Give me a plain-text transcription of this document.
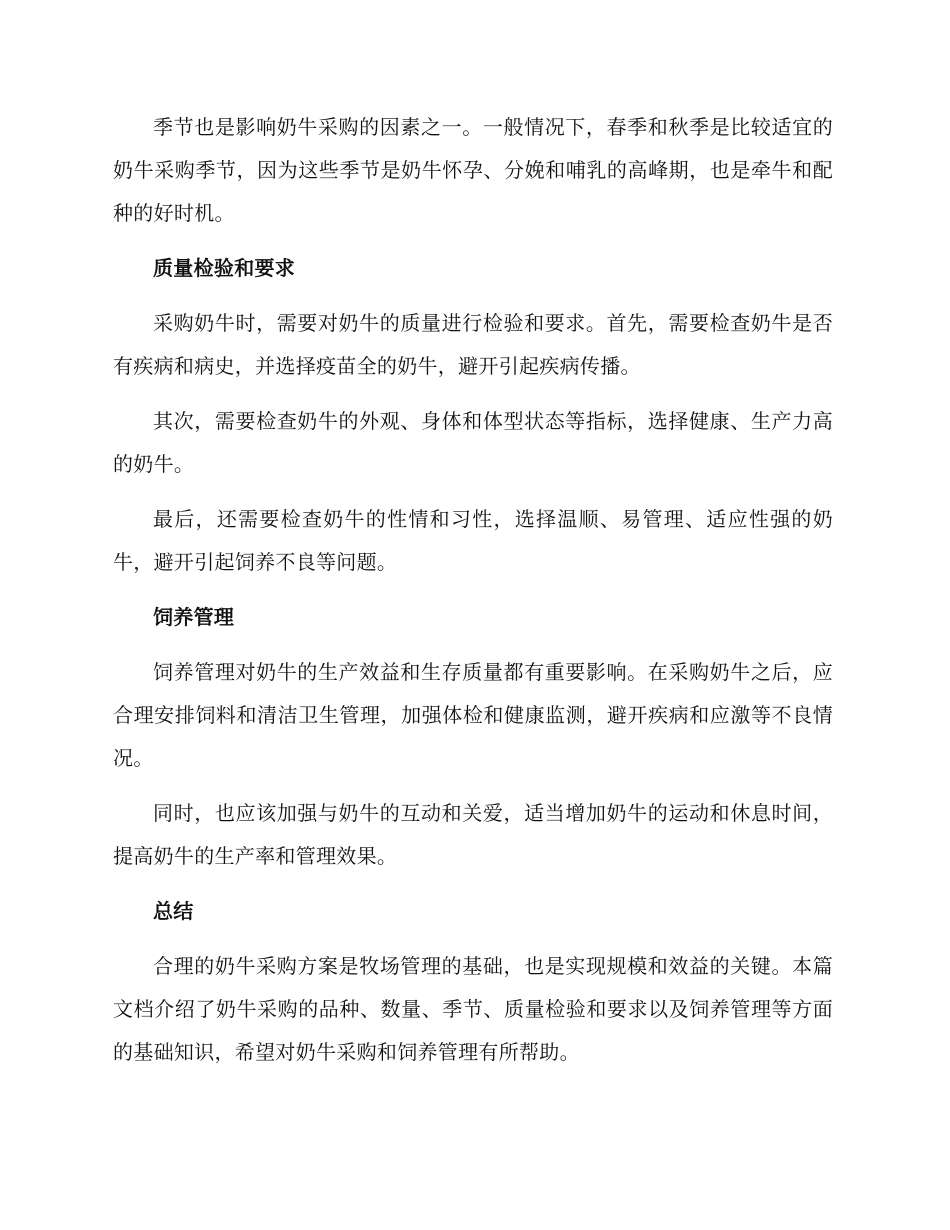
季节也是影响奶牛采购的因素之一。一般情况下，春季和秋季是比较适宜的奶牛采购季节，因为这些季节是奶牛怀孕、分娩和哺乳的高峰期，也是牵牛和配种的好时机。

质量检验和要求

采购奶牛时，需要对奶牛的质量进行检验和要求。首先，需要检查奶牛是否有疾病和病史，并选择疫苗全的奶牛，避开引起疾病传播。

其次，需要检查奶牛的外观、身体和体型状态等指标，选择健康、生产力高的奶牛。

最后，还需要检查奶牛的性情和习性，选择温顺、易管理、适应性强的奶牛，避开引起饲养不良等问题。

饲养管理

饲养管理对奶牛的生产效益和生存质量都有重要影响。在采购奶牛之后，应合理安排饲料和清洁卫生管理，加强体检和健康监测，避开疾病和应激等不良情况。

同时，也应该加强与奶牛的互动和关爱，适当增加奶牛的运动和休息时间，提高奶牛的生产率和管理效果。

总结

合理的奶牛采购方案是牧场管理的基础，也是实现规模和效益的关键。本篇文档介绍了奶牛采购的品种、数量、季节、质量检验和要求以及饲养管理等方面的基础知识，希望对奶牛采购和饲养管理有所帮助。
